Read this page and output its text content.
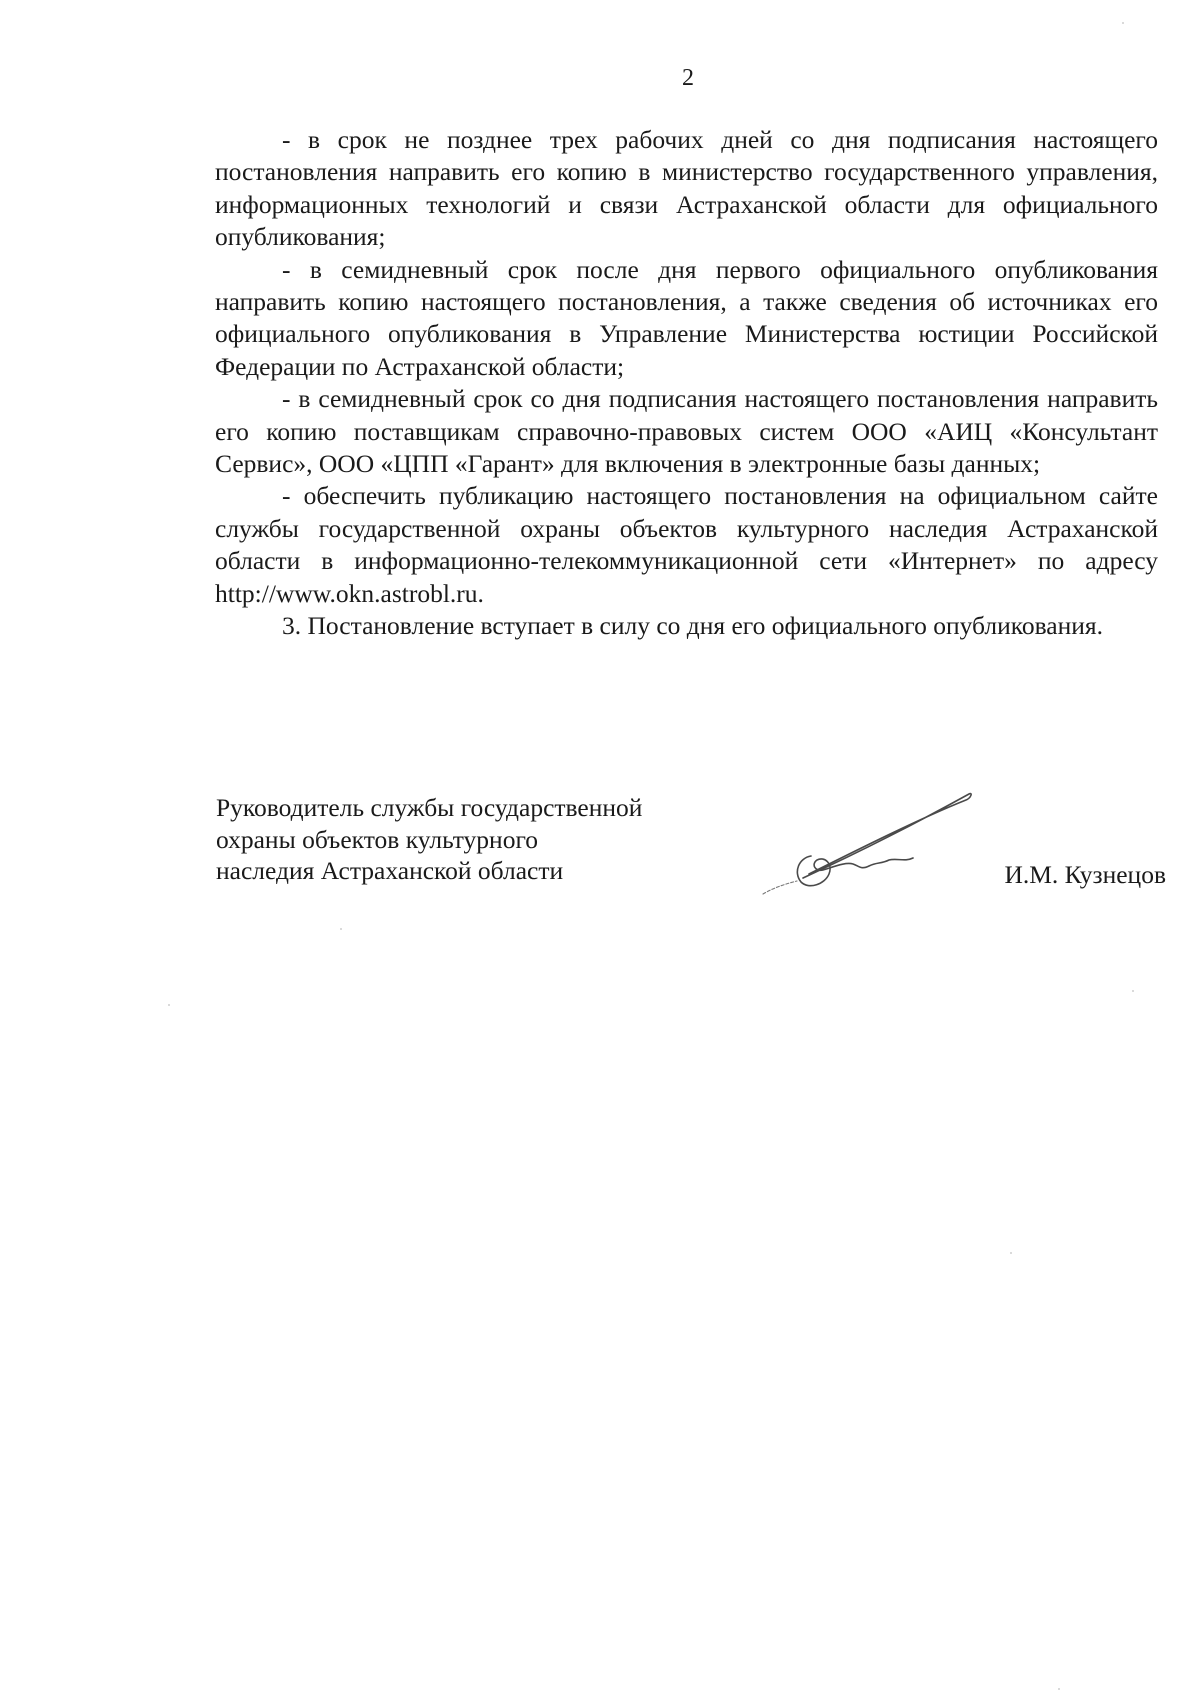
2

- в срок не позднее трех рабочих дней со дня подписания настоящего постановления направить его копию в министерство государственного управления, информационных технологий и связи Астраханской области для официального опубликования;

- в семидневный срок после дня первого официального опубликования направить копию настоящего постановления, а также сведения об источниках его официального опубликования в Управление Министерства юстиции Российской Федерации по Астраханской области;

- в семидневный срок со дня подписания настоящего постановления направить его копию поставщикам справочно-правовых систем ООО «АИЦ «Консультант Сервис», ООО «ЦПП «Гарант» для включения в электронные базы данных;

- обеспечить публикацию настоящего постановления на официальном сайте службы государственной охраны объектов культурного наследия Астраханской области в информационно-телекоммуникационной сети «Интернет» по адресу http://www.okn.astrobl.ru.

3. Постановление вступает в силу со дня его официального опубликования.

Руководитель службы государственной
охраны объектов культурного
наследия Астраханской области	И.М. Кузнецов
